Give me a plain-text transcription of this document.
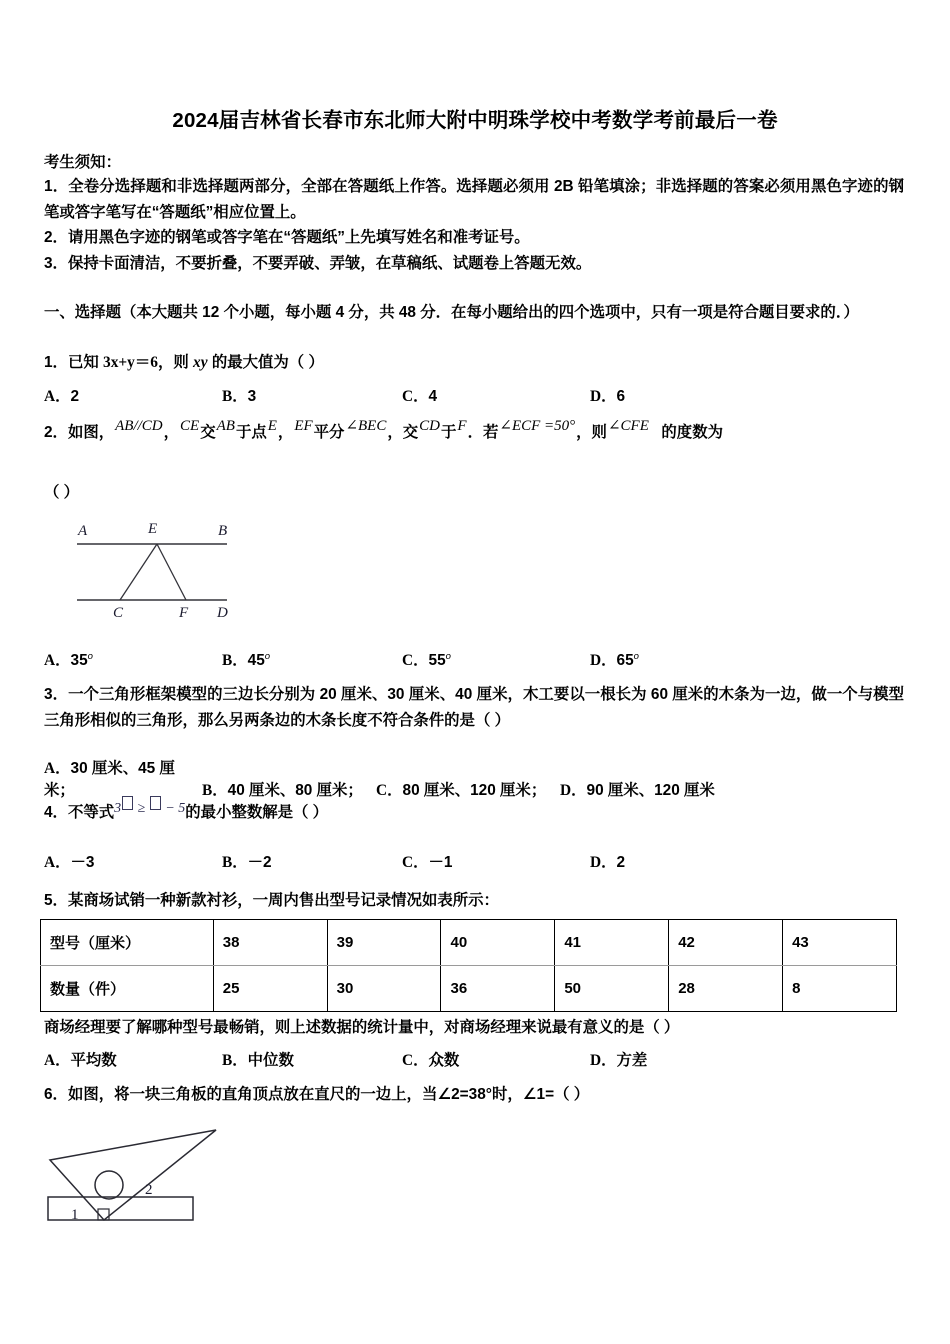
2024届吉林省长春市东北师大附中明珠学校中考数学考前最后一卷
考生须知：
1．全卷分选择题和非选择题两部分，全部在答题纸上作答。选择题必须用 2B 铅笔填涂；非选择题的答案必须用黑色字迹的钢笔或答字笔写在“答题纸”相应位置上。
2．请用黑色字迹的钢笔或答字笔在“答题纸”上先填写姓名和准考证号。
3．保持卡面清洁，不要折叠，不要弄破、弄皱，在草稿纸、试题卷上答题无效。
一、选择题（本大题共 12 个小题，每小题 4 分，共 48 分．在每小题给出的四个选项中，只有一项是符合题目要求的．）
1．已知 3x+y＝6，则 xy 的最大值为（ ）
A．2	B．3	C．4	D．6
2．如图，AB//CD，CE交AB于点E，EF平分∠BEC，交CD于F．若∠ECF =50°，则∠CFE 的度数为
（ ）
A	E	B
C	F D
A．35$^o$	B．45$^o$	C．55$^o$	D．65$^o$
3．一个三角形框架模型的三边长分别为 20 厘米、30 厘米、40 厘米，木工要以一根长为 60 厘米的木条为一边，做一个与模型三角形相似的三角形，那么另两条边的木条长度不符合条件的是（ ）
A．30 厘米、45 厘米；	B．40 厘米、80 厘米； C．80 厘米、120 厘米； D．90 厘米、120 厘米
4．不等式3 ≥  − 5的最小整数解是（ ）
A．－3	B．－2	C．－1	D．2
5．某商场试销一种新款衬衫，一周内售出型号记录情况如表所示：
型号（厘米）	38	39	40	41	42	43
数量（件）	25	30	36	50	28	8
商场经理要了解哪种型号最畅销，则上述数据的统计量中，对商场经理来说最有意义的是（ ）
A．平均数	B．中位数	C．众数	D．方差
6．如图，将一块三角板的直角顶点放在直尺的一边上，当∠2=38°时，∠1=（ ）
1
2
